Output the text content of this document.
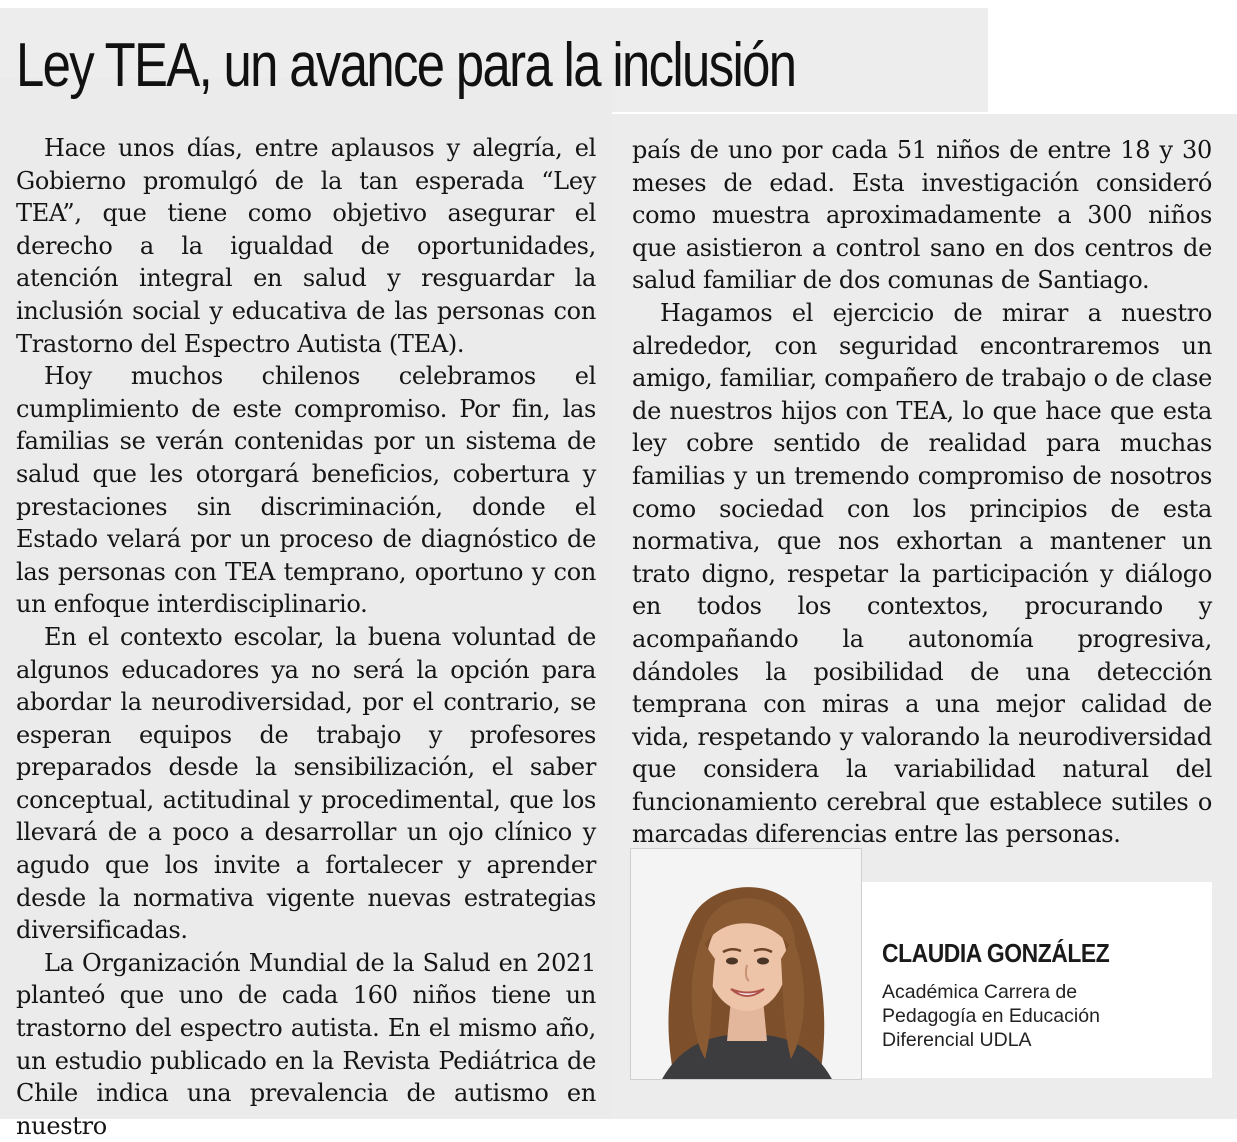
Ley TEA, un avance para la inclusión

Hace unos días, entre aplausos y alegría, el Gobierno promulgó de la tan esperada “Ley TEA”, que tiene como objetivo asegurar el derecho a la igualdad de oportunidades, atención integral en salud y resguardar la inclusión social y educativa de las personas con Trastorno del Espectro Autista (TEA).

Hoy muchos chilenos celebramos el cumplimiento de este compromiso. Por fin, las familias se verán contenidas por un sistema de salud que les otorgará beneficios, cobertura y prestaciones sin discriminación, donde el Estado velará por un proceso de diagnóstico de las personas con TEA temprano, oportuno y con un enfoque interdisciplinario.

En el contexto escolar, la buena voluntad de algunos educadores ya no será la opción para abordar la neurodiversidad, por el contrario, se esperan equipos de trabajo y profesores preparados desde la sensibilización, el saber conceptual, actitudinal y procedimental, que los llevará de a poco a desarrollar un ojo clínico y agudo que los invite a fortalecer y aprender desde la normativa vigente nuevas estrategias diversificadas.

La Organización Mundial de la Salud en 2021 planteó que uno de cada 160 niños tiene un trastorno del espectro autista. En el mismo año, un estudio publicado en la Revista Pediátrica de Chile indica una prevalencia de autismo en nuestro

país de uno por cada 51 niños de entre 18 y 30 meses de edad. Esta investigación consideró como muestra aproximadamente a 300 niños que asistieron a control sano en dos centros de salud familiar de dos comunas de Santiago.

Hagamos el ejercicio de mirar a nuestro alrededor, con seguridad encontraremos un amigo, familiar, compañero de trabajo o de clase de nuestros hijos con TEA, lo que hace que esta ley cobre sentido de realidad para muchas familias y un tremendo compromiso de nosotros como sociedad con los principios de esta normativa, que nos exhortan a mantener un trato digno, respetar la participación y diálogo en todos los contextos, procurando y acompañando la autonomía progresiva, dándoles la posibilidad de una detección temprana con miras a una mejor calidad de vida, respetando y valorando la neurodiversidad que considera la variabilidad natural del funcionamiento cerebral que establece sutiles o marcadas diferencias entre las personas.

CLAUDIA GONZÁLEZ
Académica Carrera de
Pedagogía en Educación
Diferencial UDLA
